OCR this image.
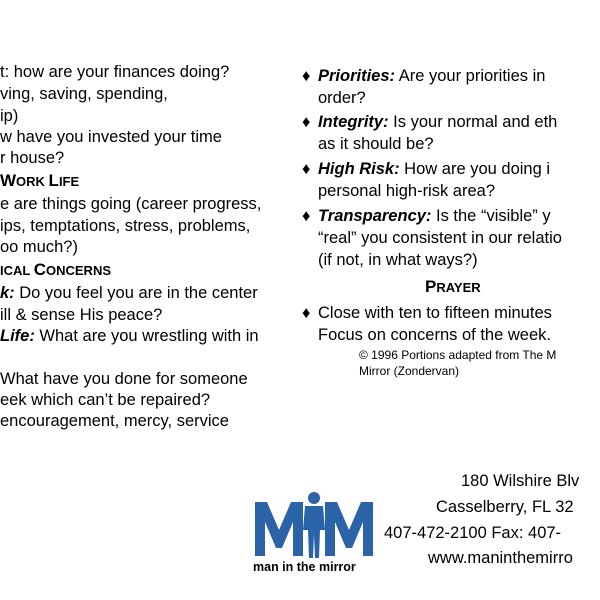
t: how are your finances doing?
ving, saving, spending,
ip)
w have you invested your time
r house?
WORK LIFE
e are things going (career progress,
ips, temptations, stress, problems,
oo much?)
ICAL CONCERNS
k: Do you feel you are in the center
ill & sense His peace?
Life: What are you wrestling with in
What have you done for someone
eek which can’t be repaired?
encouragement, mercy, service
♦ Priorities: Are your priorities in
order?
♦ Integrity: Is your normal and eth
as it should be?
♦ High Risk: How are you doing i
personal high-risk area?
♦ Transparency: Is the “visible” y
“real” you consistent in our relatio
(if not, in what ways?)
PRAYER
♦ Close with ten to fifteen minutes
Focus on concerns of the week.
© 1996 Portions adapted from The M
Mirror (Zondervan)
man in the mirror
180 Wilshire Blv
Casselberry, FL 32
407-472-2100 Fax: 407-
www.maninthemirro
